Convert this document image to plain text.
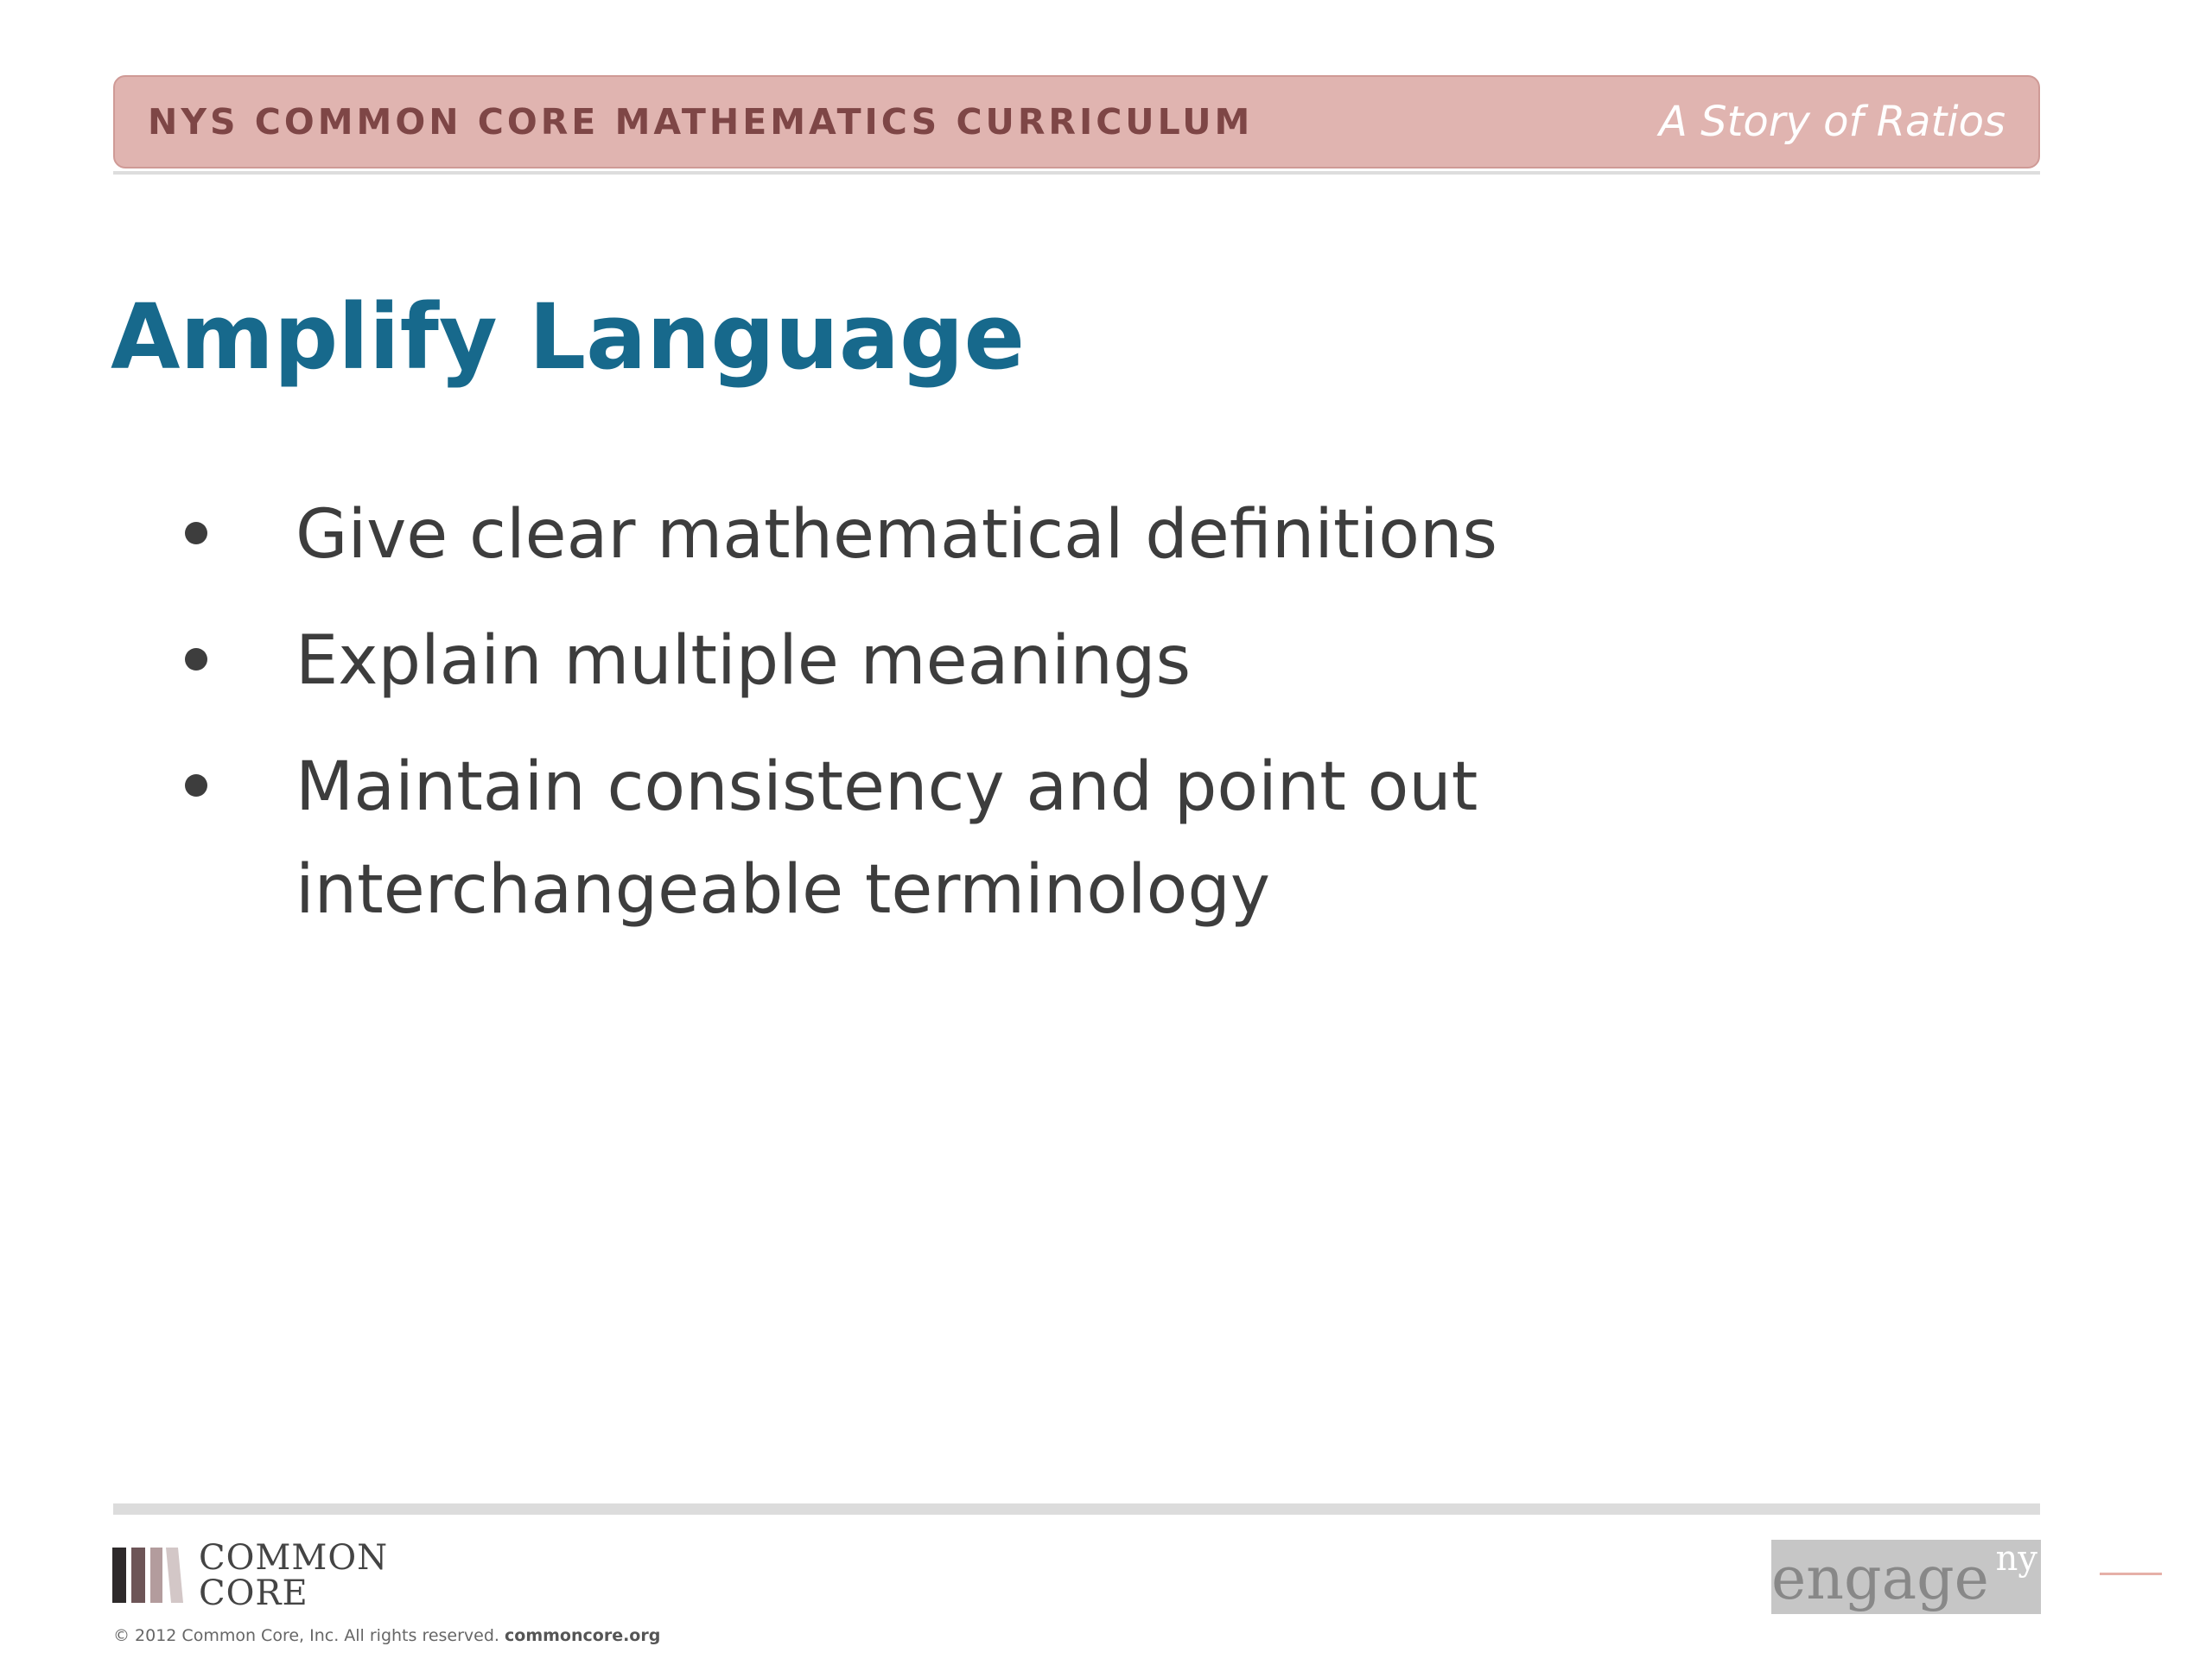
NYS COMMON CORE MATHEMATICS CURRICULUM	A Story of Ratios
Amplify Language
Give clear mathematical definitions
Explain multiple meanings
Maintain consistency and point out interchangeable terminology
COMMON
CORE
© 2012 Common Core, Inc. All rights reserved. commoncore.org
engage ny
